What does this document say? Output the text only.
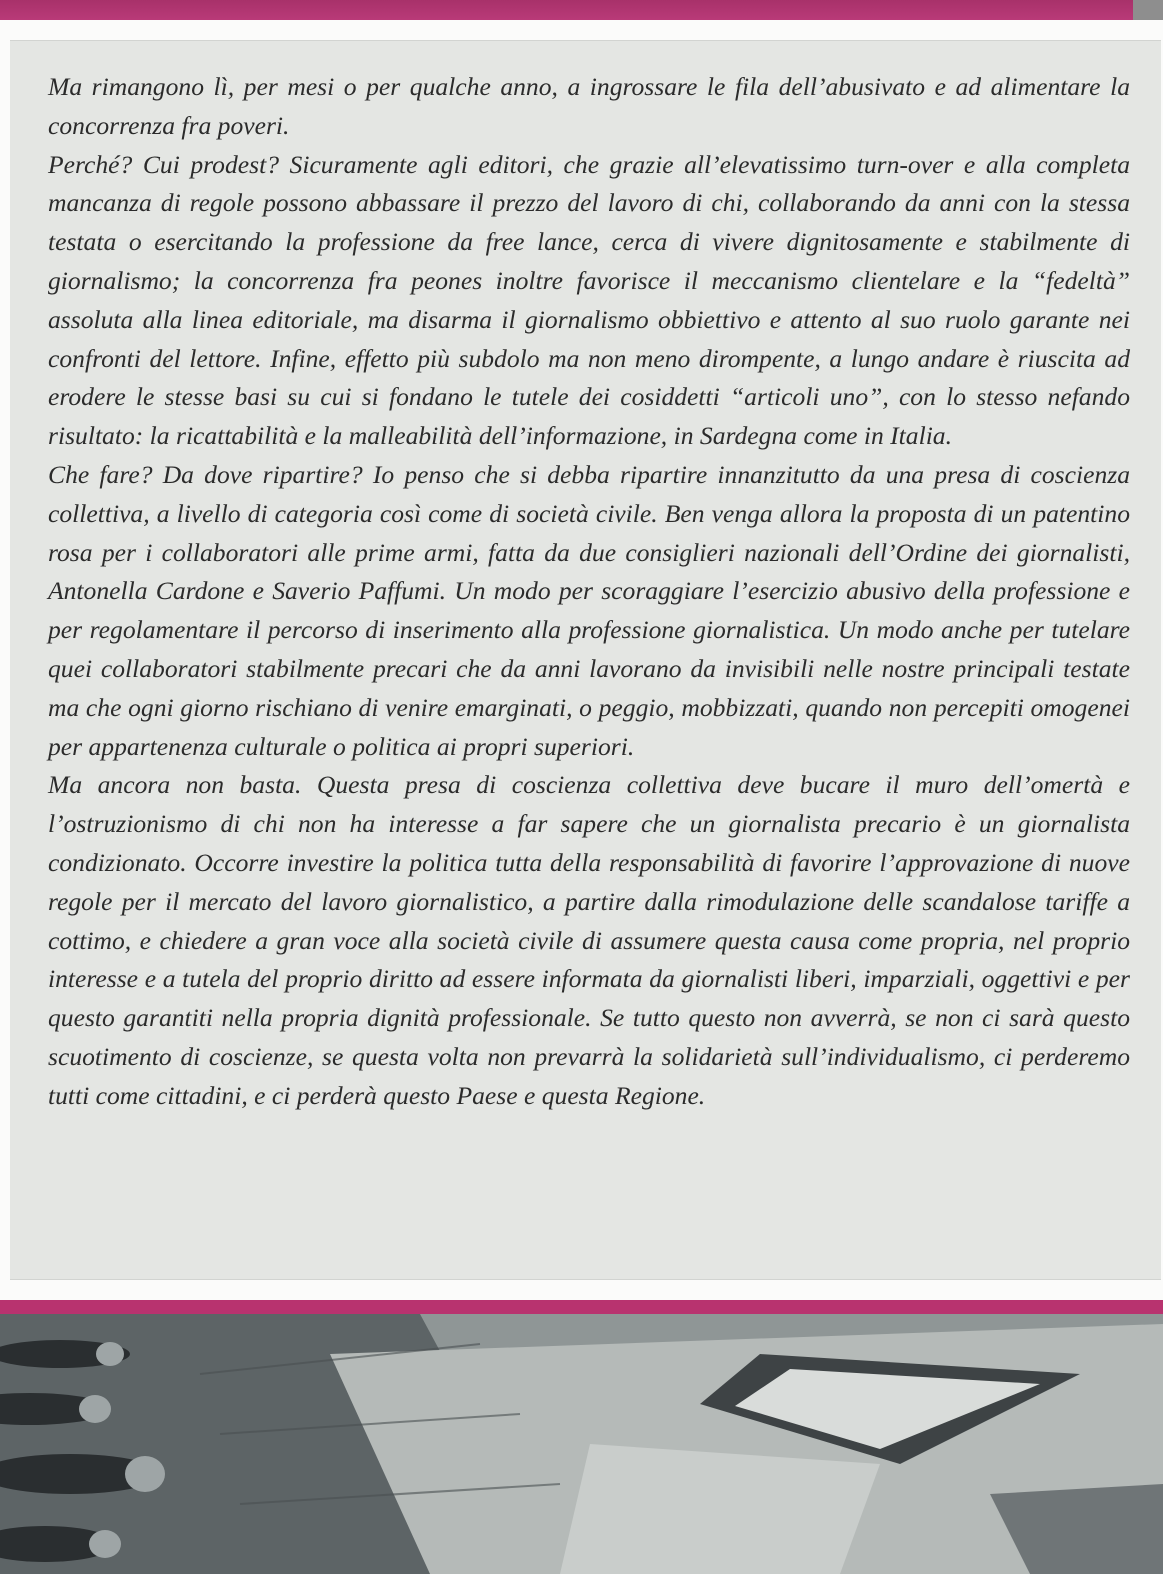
Ma rimangono lì, per mesi o per qualche anno, a ingrossare le fila dell’abusivato e ad alimentare la concorrenza fra poveri.

Perché? Cui prodest? Sicuramente agli editori, che grazie all’elevatissimo turn-over e alla completa mancanza di regole possono abbassare il prezzo del lavoro di chi, collaborando da anni con la stessa testata o esercitando la professione da free lance, cerca di vivere dignitosamente e stabilmente di giornalismo; la concorrenza fra peones inoltre favorisce il meccanismo clientelare e la “fedeltà” assoluta alla linea editoriale, ma disarma il giornalismo obbiettivo e attento al suo ruolo garante nei confronti del lettore. Infine, effetto più subdolo ma non meno dirompente, a lungo andare è riuscita ad erodere le stesse basi su cui si fondano le tutele dei cosiddetti “articoli uno”, con lo stesso nefando risultato: la ricattabilità e la malleabilità dell’informazione, in Sardegna come in Italia.

Che fare? Da dove ripartire? Io penso che si debba ripartire innanzitutto da una presa di coscienza collettiva, a livello di categoria così come di società civile. Ben venga allora la proposta di un patentino rosa per i collaboratori alle prime armi, fatta da due consiglieri nazionali dell’Ordine dei giornalisti, Antonella Cardone e Saverio Paffumi. Un modo per scoraggiare l’esercizio abusivo della professione e per regolamentare il percorso di inserimento alla professione giornalistica. Un modo anche per tutelare quei collaboratori stabilmente precari che da anni lavorano da invisibili nelle nostre principali testate ma che ogni giorno rischiano di venire emarginati, o peggio, mobbizzati, quando non percepiti omogenei per appartenenza culturale o politica ai propri superiori.

Ma ancora non basta. Questa presa di coscienza collettiva deve bucare il muro dell’omertà e l’ostruzionismo di chi non ha interesse a far sapere che un giornalista precario è un giornalista condizionato. Occorre investire la politica tutta della responsabilità di favorire l’approvazione di nuove regole per il mercato del lavoro giornalistico, a partire dalla rimodulazione delle scandalose tariffe a cottimo, e chiedere a gran voce alla società civile di assumere questa causa come propria, nel proprio interesse e a tutela del proprio diritto ad essere informata da giornalisti liberi, imparziali, oggettivi e per questo garantiti nella propria dignità professionale. Se tutto questo non avverrà, se non ci sarà questo scuotimento di coscienze, se questa volta non prevarrà la solidarietà sull’individualismo, ci perderemo tutti come cittadini, e ci perderà questo Paese e questa Regione.
